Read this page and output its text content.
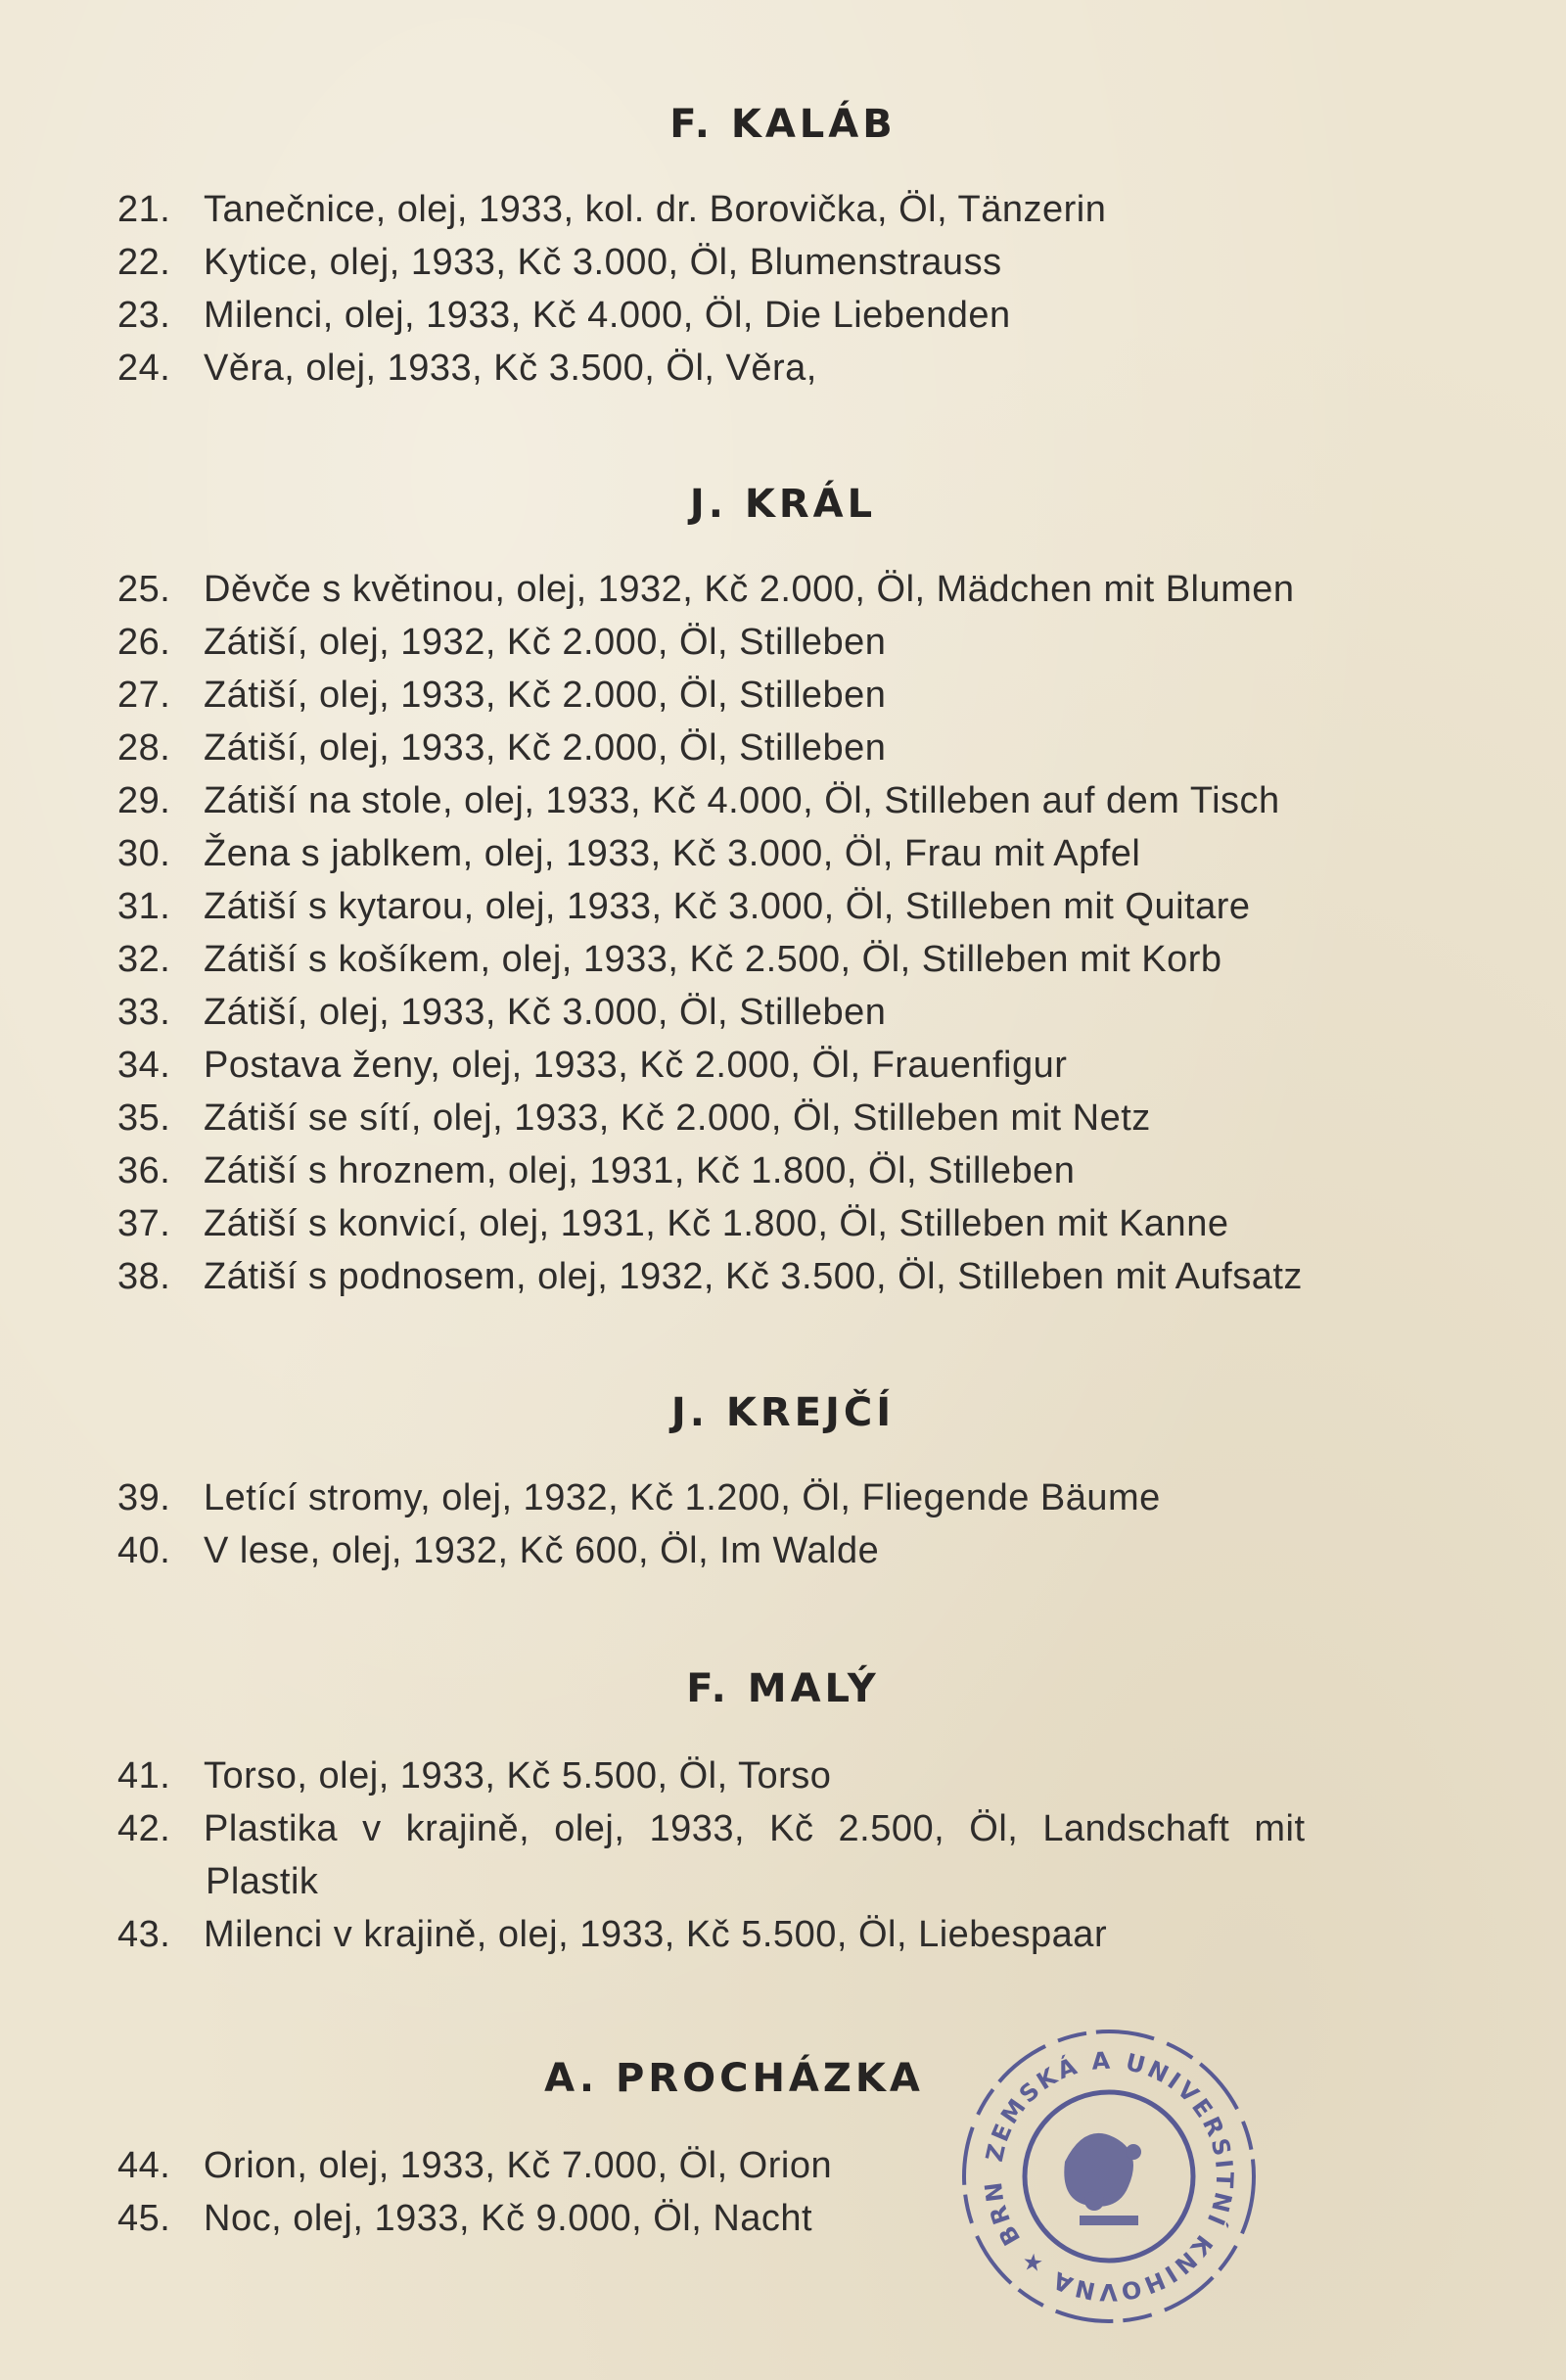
F. KALÁB
21. Tanečnice, olej, 1933, kol. dr. Borovička, Öl, Tänzerin
22. Kytice, olej, 1933, Kč 3.000, Öl, Blumenstrauss
23. Milenci, olej, 1933, Kč 4.000, Öl, Die Liebenden
24. Věra, olej, 1933, Kč 3.500, Öl, Věra,
J. KRÁL
25. Děvče s květinou, olej, 1932, Kč 2.000, Öl, Mädchen mit Blumen
26. Zátiší, olej, 1932, Kč 2.000, Öl, Stilleben
27. Zátiší, olej, 1933, Kč 2.000, Öl, Stilleben
28. Zátiší, olej, 1933, Kč 2.000, Öl, Stilleben
29. Zátiší na stole, olej, 1933, Kč 4.000, Öl, Stilleben auf dem Tisch
30. Žena s jablkem, olej, 1933, Kč 3.000, Öl, Frau mit Apfel
31. Zátiší s kytarou, olej, 1933, Kč 3.000, Öl, Stilleben mit Quitare
32. Zátiší s košíkem, olej, 1933, Kč 2.500, Öl, Stilleben mit Korb
33. Zátiší, olej, 1933, Kč 3.000, Öl, Stilleben
34. Postava ženy, olej, 1933, Kč 2.000, Öl, Frauenfigur
35. Zátiší se sítí, olej, 1933, Kč 2.000, Öl, Stilleben mit Netz
36. Zátiší s hroznem, olej, 1931, Kč 1.800, Öl, Stilleben
37. Zátiší s konvicí, olej, 1931, Kč 1.800, Öl, Stilleben mit Kanne
38. Zátiší s podnosem, olej, 1932, Kč 3.500, Öl, Stilleben mit Aufsatz
J. KREJČÍ
39. Letící stromy, olej, 1932, Kč 1.200, Öl, Fliegende Bäume
40. V lese, olej, 1932, Kč 600, Öl, Im Walde
F. MALÝ
41. Torso, olej, 1933, Kč 5.500, Öl, Torso
42. Plastika v krajině, olej, 1933, Kč 2.500, Öl, Landschaft mit
Plastik
43. Milenci v krajině, olej, 1933, Kč 5.500, Öl, Liebespaar
A. PROCHÁZKA
44. Orion, olej, 1933, Kč 7.000, Öl, Orion
45. Noc, olej, 1933, Kč 9.000, Öl, Nacht
ZEMSKÁ A UNIVERSITNÍ KNIHOVNA ★ BRN
